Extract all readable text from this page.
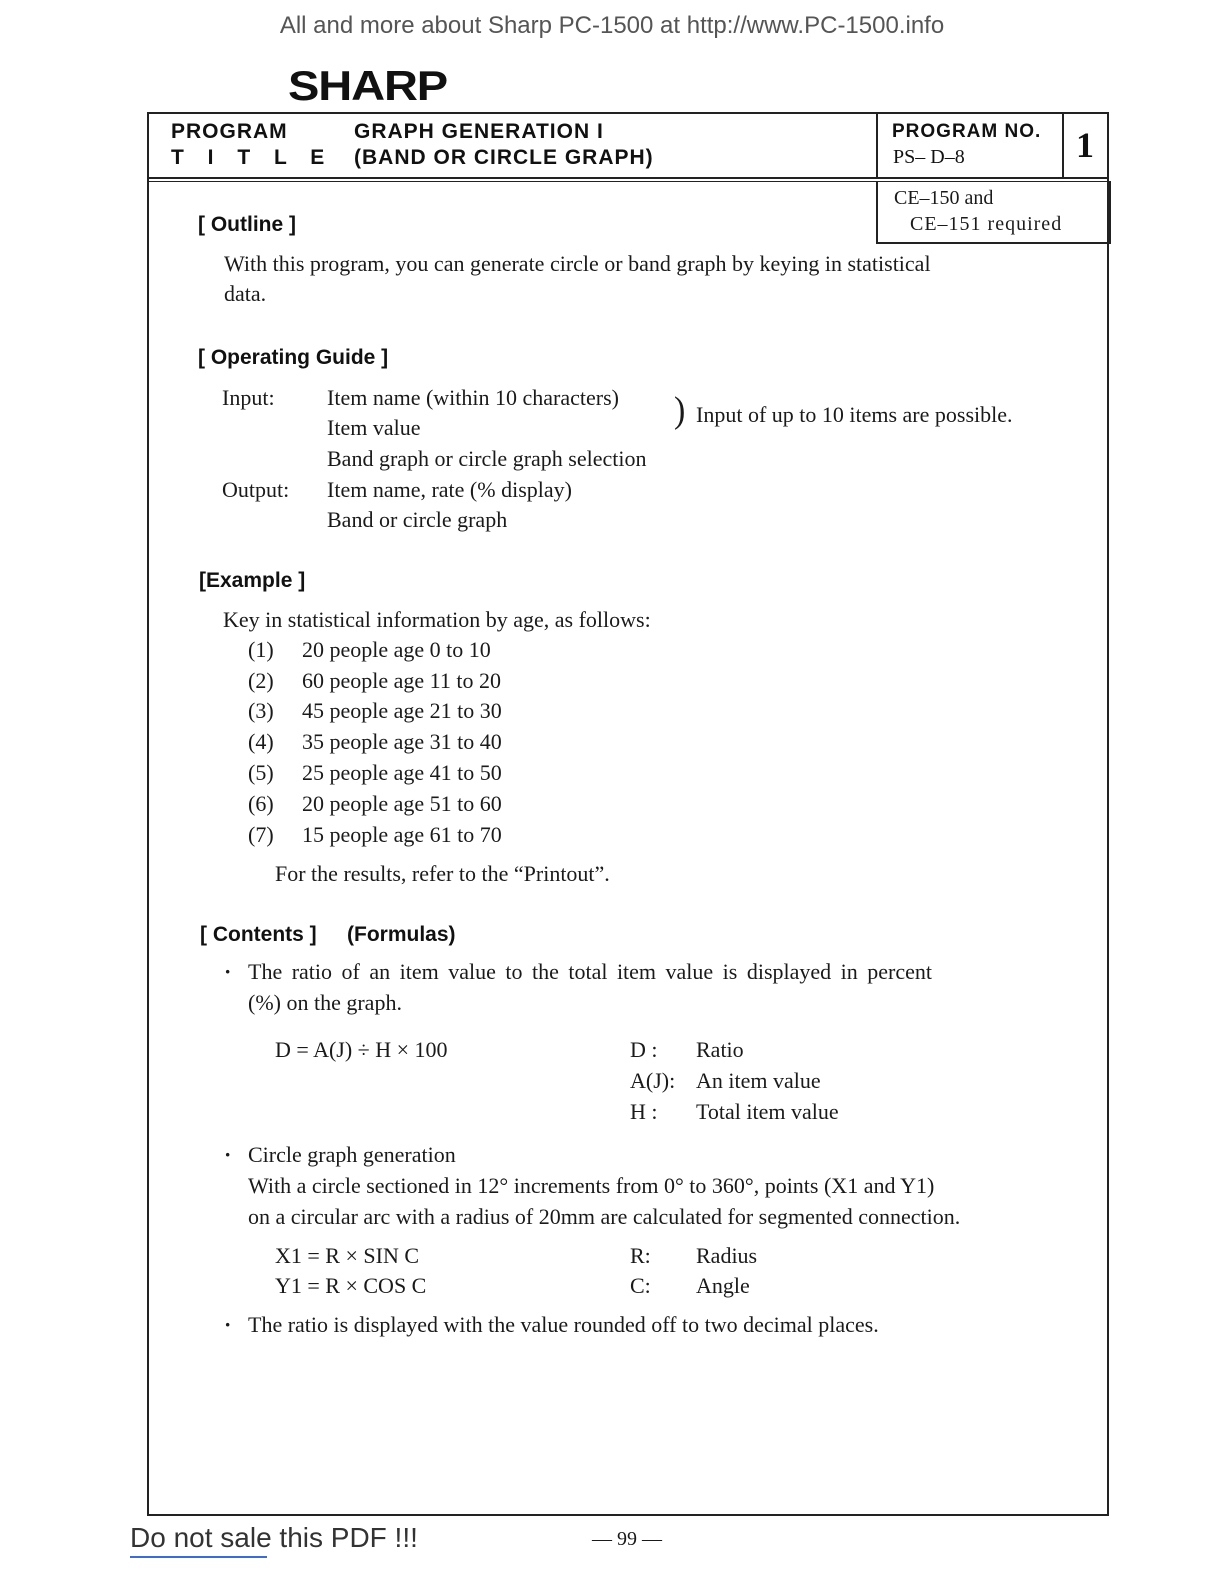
All and more about Sharp PC-1500 at http://www.PC-1500.info
SHARP
PROGRAM
T I T L E
GRAPH GENERATION I
(BAND OR CIRCLE GRAPH)
PROGRAM NO.
PS– D–8	1
CE–150 and
CE–151 required
[ Outline ]
With this program, you can generate circle or band graph by keying in statistical
data.
[ Operating Guide ]
Input: Item name (within 10 characters)
Item value
Band graph or circle graph selection
) Input of up to 10 items are possible.
Output: Item name, rate (% display)
Band or circle graph
[Example ]
Key in statistical information by age, as follows:
(1) 20 people age 0 to 10
(2) 60 people age 11 to 20
(3) 45 people age 21 to 30
(4) 35 people age 31 to 40
(5) 25 people age 41 to 50
(6) 20 people age 51 to 60
(7) 15 people age 61 to 70
For the results, refer to the “Printout”.
[ Contents ] (Formulas)
· The ratio of an item value to the total item value is displayed in percent
(%) on the graph.
D = A(J) ÷ H × 100	D : Ratio
A(J): An item value
H : Total item value
· Circle graph generation
With a circle sectioned in 12° increments from 0° to 360°, points (X1 and Y1)
on a circular arc with a radius of 20mm are calculated for segmented connection.
X1 = R × SIN C
Y1 = R × COS C
R: Radius
C: Angle
· The ratio is displayed with the value rounded off to two decimal places.
— 99 —
Do not sale this PDF !!!
